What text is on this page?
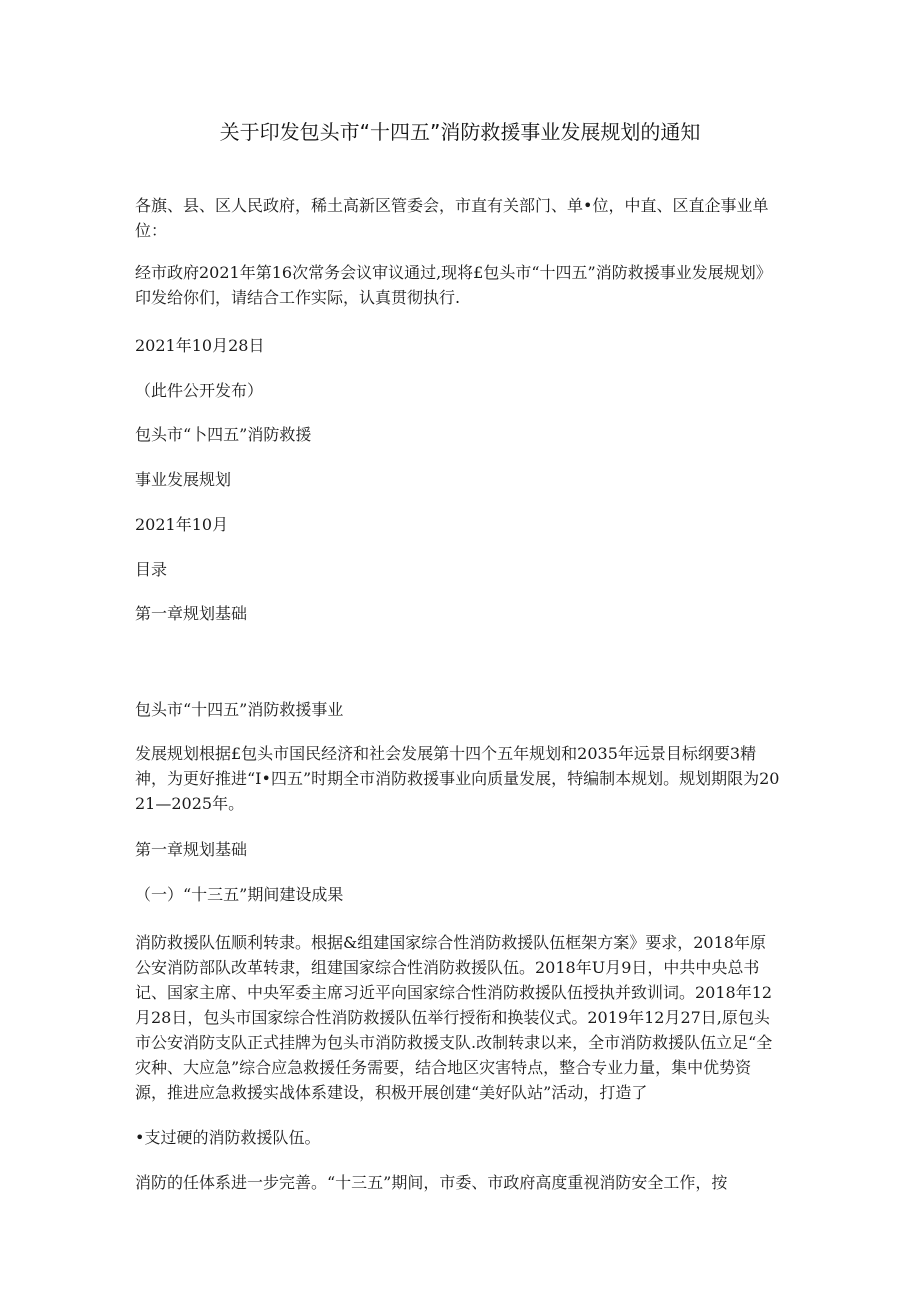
关于印发包头市“十四五”消防救援事业发展规划的通知

各旗、县、区人民政府，稀土高新区管委会，市直有关部门、单•位，中直、区直企事业单位：

经市政府2021年第16次常务会议审议通过,现将£包头市“十四五”消防救援事业发展规划》印发给你们，请结合工作实际，认真贯彻执行.

2021年10月28日

（此件公开发布）

包头市“卜四五”消防救援

事业发展规划

2021年10月

目录

第一章规划基础

包头市“十四五”消防救援事业

发展规划根据£包头市国民经济和社会发展第十四个五年规划和2035年远景目标纲要3精神，为更好推进“I•四五”时期全市消防救援事业向质量发展，特编制本规划。规划期限为2021—2025年。

第一章规划基础

（一）“十三五”期间建设成果

消防救援队伍顺利转隶。根据&组建国家综合性消防救援队伍框架方案》要求，2018年原公安消防部队改革转隶，组建国家综合性消防救援队伍。2018年U月9日，中共中央总书记、国家主席、中央军委主席习近平向国家综合性消防救援队伍授执并致训词。2018年12月28日，包头市国家综合性消防救援队伍举行授衔和换装仪式。2019年12月27日,原包头市公安消防支队正式挂牌为包头市消防救援支队.改制转隶以来，全市消防救援队伍立足“全灾种、大应急”综合应急救援任务需要，结合地区灾害特点，整合专业力量，集中优势资源，推进应急救援实战体系建设，积极开展创建“美好队站”活动，打造了

•支过硬的消防救援队伍。

消防的任体系进一步完善。“十三五”期间，市委、市政府高度重视消防安全工作，按
